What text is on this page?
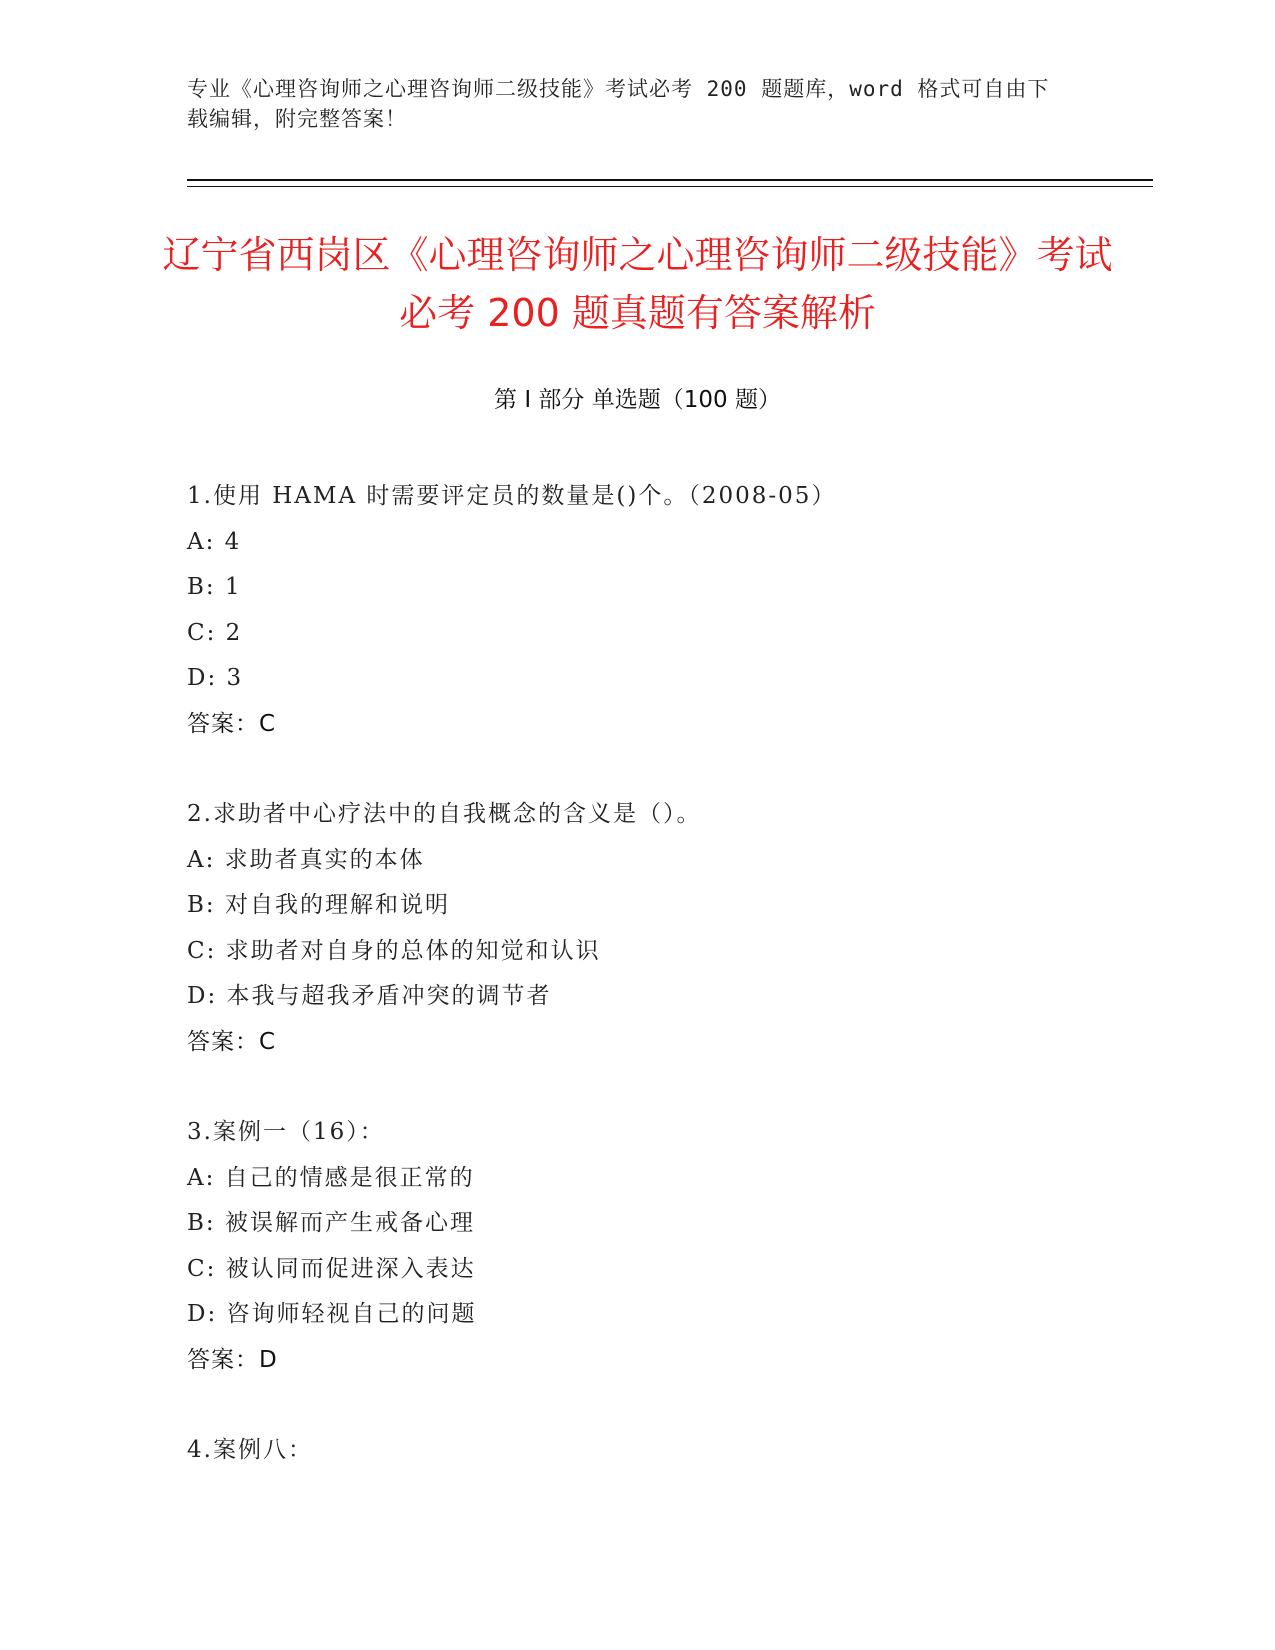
专业《心理咨询师之心理咨询师二级技能》考试必考 200 题题库，word 格式可自由下载编辑，附完整答案！
辽宁省西岗区《心理咨询师之心理咨询师二级技能》考试必考 200 题真题有答案解析
第 I 部分 单选题（100 题）
1.使用 HAMA 时需要评定员的数量是()个。（2008-05）
A: 4
B: 1
C: 2
D: 3
答案：C
2.求助者中心疗法中的自我概念的含义是（）。
A: 求助者真实的本体
B: 对自我的理解和说明
C: 求助者对自身的总体的知觉和认识
D: 本我与超我矛盾冲突的调节者
答案：C
3.案例一（16）：
A: 自己的情感是很正常的
B: 被误解而产生戒备心理
C: 被认同而促进深入表达
D: 咨询师轻视自己的问题
答案：D
4.案例八：
